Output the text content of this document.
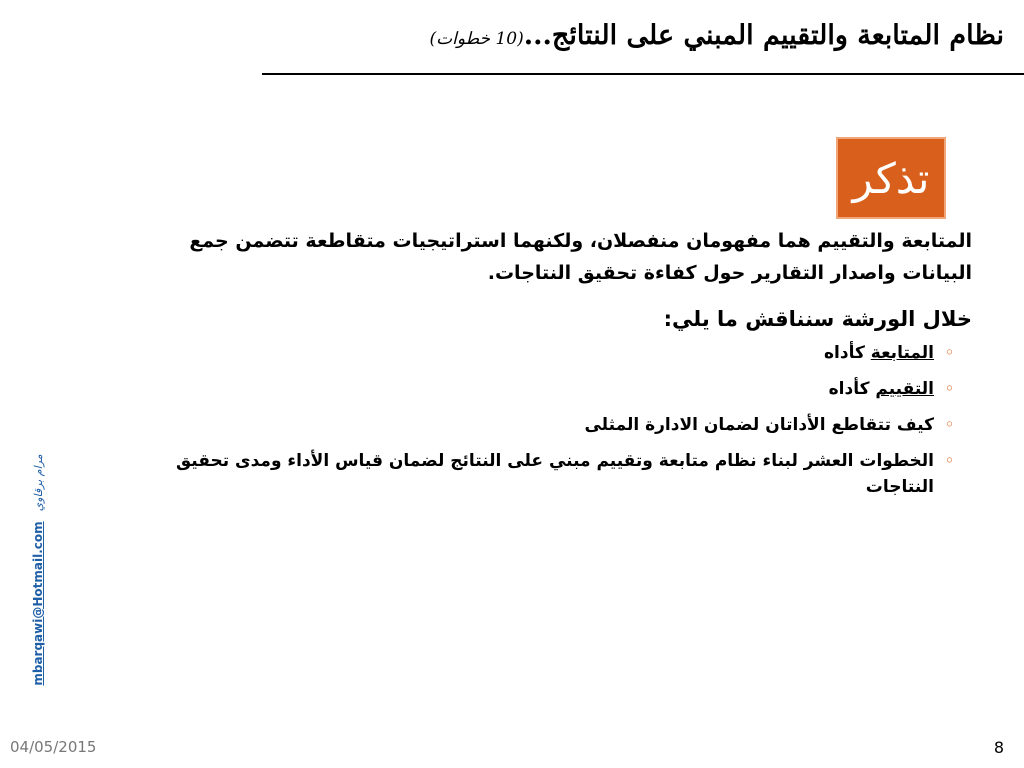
نظام المتابعة والتقييم المبني على النتائج...(10 خطوات)
تذكر
المتابعة والتقييم هما مفهومان منفصلان، ولكنهما استراتيجيات متقاطعة تتضمن جمع البيانات واصدار التقارير حول كفاءة تحقيق النتاجات.
خلال الورشة سنناقش ما يلي:
◦
المتابعة كأداه
◦
التقييم كأداه
◦
كيف تتقاطع الأداتان لضمان الادارة المثلى
◦
الخطوات العشر لبناء نظام متابعة وتقييم مبني على النتائج لضمان قياس الأداء ومدى تحقيق النتاجات
mbarqawi@Hotmail.com
مرام برقاوي
04/05/2015	8
